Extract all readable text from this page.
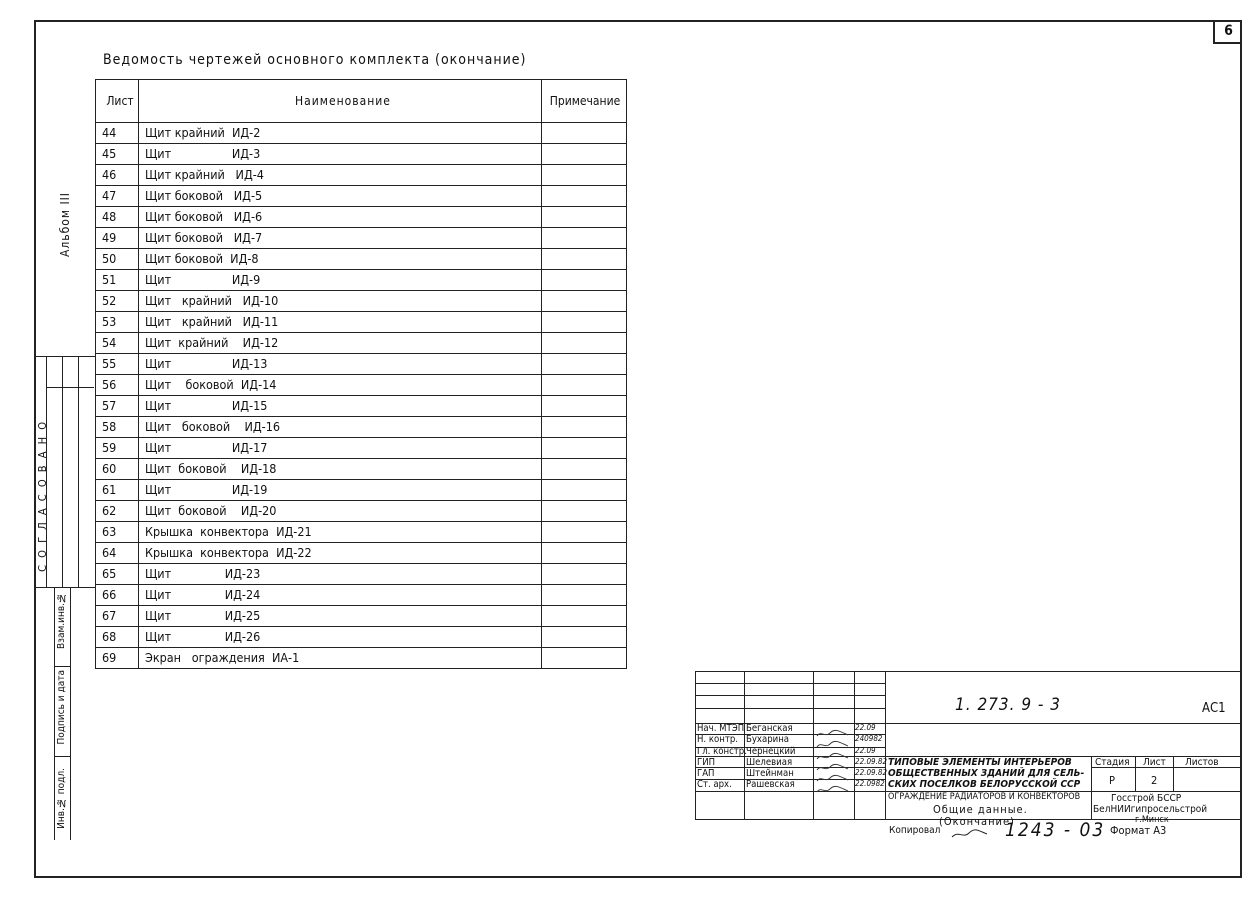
6
Альбом III
С О Г Л А С О В А Н О
Инв.№ подл.
Подпись и дата
Взам.инв.№
Ведомость чертежей основного комплекта (окончание)
Лист	Наименование	Примечание
44	Щит крайний  ИД-2	
45	Щит                 ИД-3	
46	Щит крайний   ИД-4	
47	Щит боковой   ИД-5	
48	Щит боковой   ИД-6	
49	Щит боковой   ИД-7	
50	Щит боковой  ИД-8	
51	Щит                 ИД-9	
52	Щит   крайний   ИД-10	
53	Щит   крайний   ИД-11	
54	Щит  крайний    ИД-12	
55	Щит                 ИД-13	
56	Щит    боковой  ИД-14	
57	Щит                 ИД-15	
58	Щит   боковой    ИД-16	
59	Щит                 ИД-17	
60	Щит  боковой    ИД-18	
61	Щит                 ИД-19	
62	Щит  боковой    ИД-20	
63	Крышка  конвектора  ИД-21	
64	Крышка  конвектора  ИД-22	
65	Щит               ИД-23	
66	Щит               ИД-24	
67	Щит               ИД-25	
68	Щит               ИД-26	
69	Экран   ограждения  ИА-1	
1. 273. 9 - 3	АС1
Нач. МТЭП Беганская	22.09
Н. контр. Бухарина	240982
Гл. констр. Чернецкий	22.09
ГИП	Шелевиая	22.09.82
ГАП	Штейнман	22.09.82
Ст. арх. Рашевская	22.0982
ТИПОВЫЕ ЭЛЕМЕНТЫ ИНТЕРЬЕРОВ
ОБЩЕСТВЕННЫХ ЗДАНИЙ ДЛЯ СЕЛЬ-
СКИХ ПОСЕЛКОВ БЕЛОРУССКОЙ ССР
Стадия Лист Листов
Р	2
ОГРАЖДЕНИЕ РАДИАТОРОВ И КОНВЕКТОРОВ
Общие данные.
(Окончание)
Госстрой БССР
БелНИИгипросельстрой
г.Минск
Копировал	1243 - 03 Формат А3
